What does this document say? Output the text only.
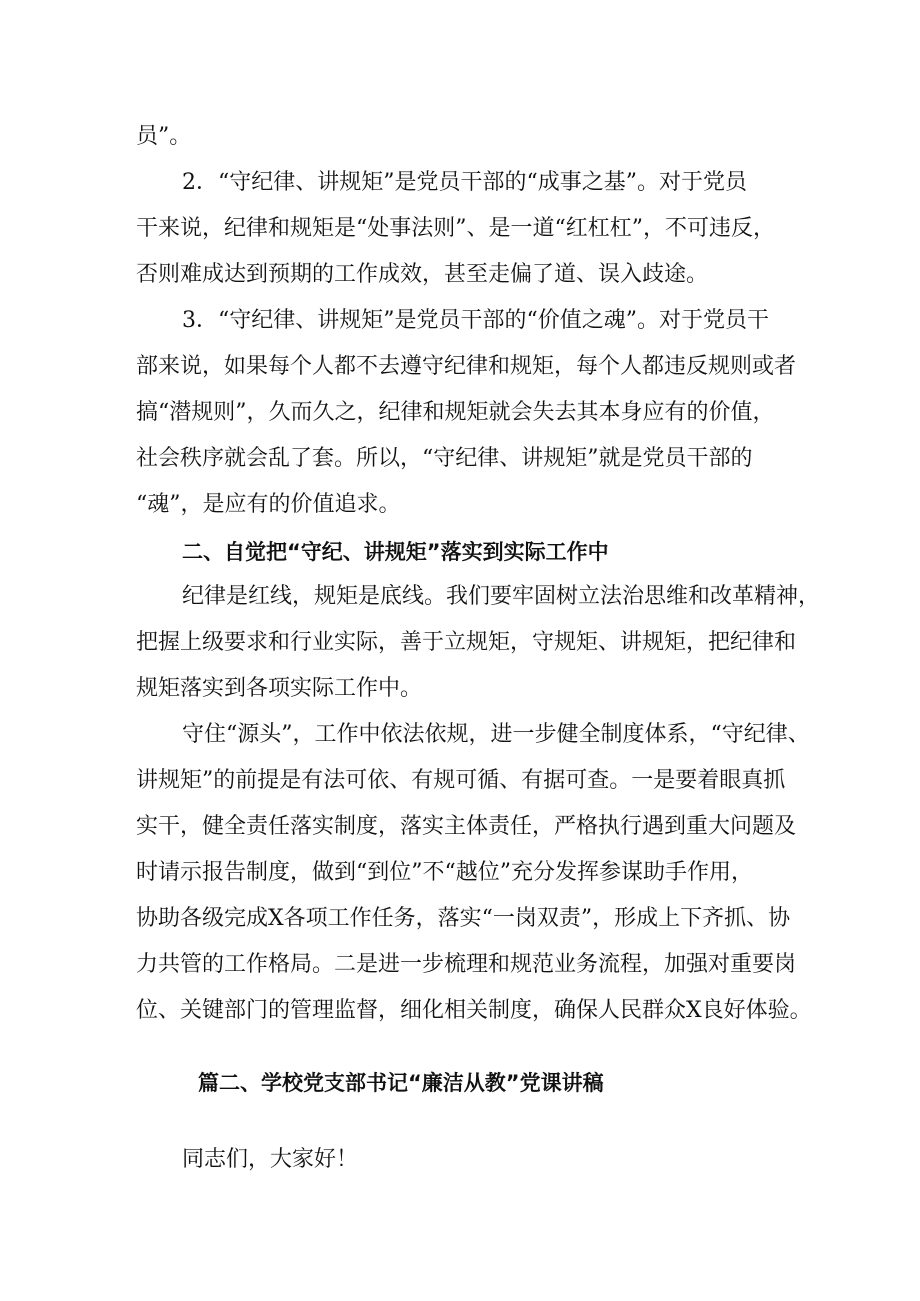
员”。
2．“守纪律、讲规矩”是党员干部的“成事之基”。对于党员
干来说，纪律和规矩是“处事法则”、是一道“红杠杠”，不可违反，
否则难成达到预期的工作成效，甚至走偏了道、误入歧途。
3．“守纪律、讲规矩”是党员干部的“价值之魂”。对于党员干
部来说，如果每个人都不去遵守纪律和规矩，每个人都违反规则或者
搞“潜规则”，久而久之，纪律和规矩就会失去其本身应有的价值，
社会秩序就会乱了套。所以，“守纪律、讲规矩”就是党员干部的
“魂”，是应有的价值追求。
二、自觉把“守纪、讲规矩”落实到实际工作中
纪律是红线，规矩是底线。我们要牢固树立法治思维和改革精神，
把握上级要求和行业实际，善于立规矩，守规矩、讲规矩，把纪律和
规矩落实到各项实际工作中。
守住“源头”，工作中依法依规，进一步健全制度体系，“守纪律、
讲规矩”的前提是有法可依、有规可循、有据可查。一是要着眼真抓
实干，健全责任落实制度，落实主体责任，严格执行遇到重大问题及
时请示报告制度，做到“到位”不“越位”充分发挥参谋助手作用，
协助各级完成X各项工作任务，落实“一岗双责”，形成上下齐抓、协
力共管的工作格局。二是进一步梳理和规范业务流程，加强对重要岗
位、关键部门的管理监督，细化相关制度，确保人民群众X良好体验。
篇二、学校党支部书记“廉洁从教”党课讲稿
同志们，大家好！
